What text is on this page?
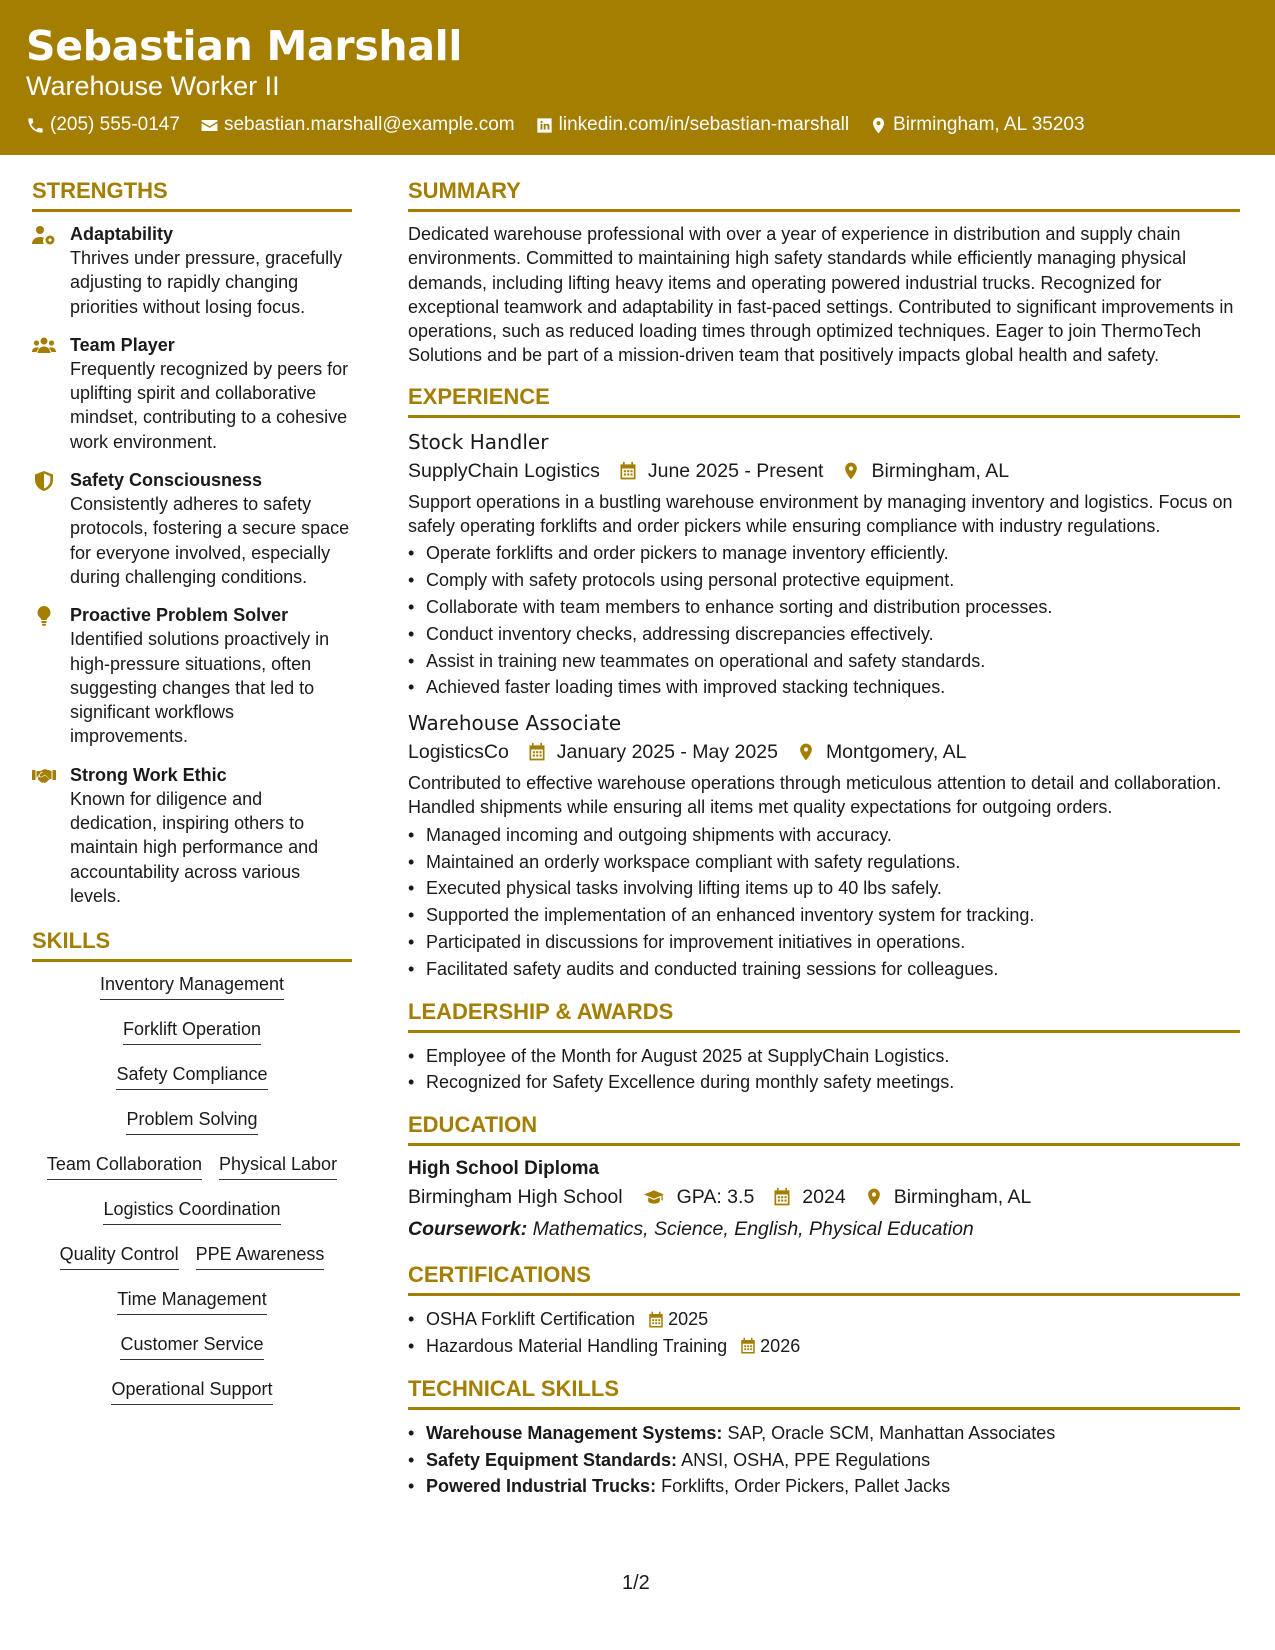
Sebastian Marshall
Warehouse Worker II
(205) 555-0147 sebastian.marshall@example.com linkedin.com/in/sebastian-marshall Birmingham, AL 35203
STRENGTHS
Adaptability
Thrives under pressure, gracefully adjusting to rapidly changing priorities without losing focus.
Team Player
Frequently recognized by peers for uplifting spirit and collaborative mindset, contributing to a cohesive work environment.
Safety Consciousness
Consistently adheres to safety protocols, fostering a secure space for everyone involved, especially during challenging conditions.
Proactive Problem Solver
Identified solutions proactively in high-pressure situations, often suggesting changes that led to significant workflows improvements.
Strong Work Ethic
Known for diligence and dedication, inspiring others to maintain high performance and accountability across various levels.
SKILLS
Inventory Management
Forklift Operation
Safety Compliance
Problem Solving
Team Collaboration Physical Labor
Logistics Coordination
Quality Control PPE Awareness
Time Management
Customer Service
Operational Support
SUMMARY
Dedicated warehouse professional with over a year of experience in distribution and supply chain environments. Committed to maintaining high safety standards while efficiently managing physical demands, including lifting heavy items and operating powered industrial trucks. Recognized for exceptional teamwork and adaptability in fast-paced settings. Contributed to significant improvements in operations, such as reduced loading times through optimized techniques. Eager to join ThermoTech Solutions and be part of a mission-driven team that positively impacts global health and safety.
EXPERIENCE
Stock Handler
SupplyChain Logistics June 2025 - Present Birmingham, AL
Support operations in a bustling warehouse environment by managing inventory and logistics. Focus on safely operating forklifts and order pickers while ensuring compliance with industry regulations.
• Operate forklifts and order pickers to manage inventory efficiently.
• Comply with safety protocols using personal protective equipment.
• Collaborate with team members to enhance sorting and distribution processes.
• Conduct inventory checks, addressing discrepancies effectively.
• Assist in training new teammates on operational and safety standards.
• Achieved faster loading times with improved stacking techniques.
Warehouse Associate
LogisticsCo January 2025 - May 2025 Montgomery, AL
Contributed to effective warehouse operations through meticulous attention to detail and collaboration. Handled shipments while ensuring all items met quality expectations for outgoing orders.
• Managed incoming and outgoing shipments with accuracy.
• Maintained an orderly workspace compliant with safety regulations.
• Executed physical tasks involving lifting items up to 40 lbs safely.
• Supported the implementation of an enhanced inventory system for tracking.
• Participated in discussions for improvement initiatives in operations.
• Facilitated safety audits and conducted training sessions for colleagues.
LEADERSHIP & AWARDS
• Employee of the Month for August 2025 at SupplyChain Logistics.
• Recognized for Safety Excellence during monthly safety meetings.
EDUCATION
High School Diploma
Birmingham High School	GPA: 3.5 2024 Birmingham, AL
Coursework: Mathematics, Science, English, Physical Education
CERTIFICATIONS
• OSHA Forklift Certification 2025
• Hazardous Material Handling Training 2026
TECHNICAL SKILLS
• Warehouse Management Systems: SAP, Oracle SCM, Manhattan Associates
• Safety Equipment Standards: ANSI, OSHA, PPE Regulations
• Powered Industrial Trucks: Forklifts, Order Pickers, Pallet Jacks
1/2
